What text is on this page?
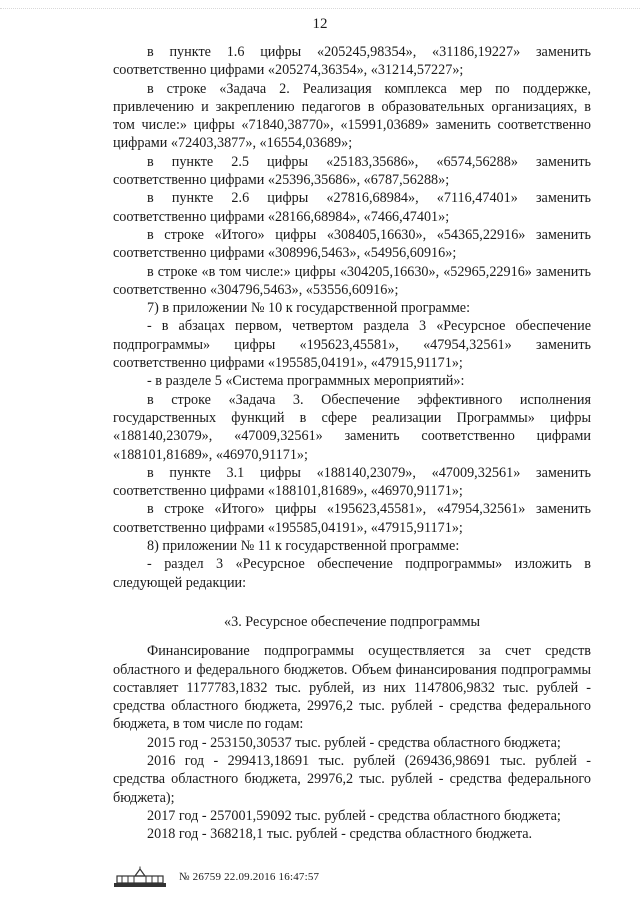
12

в пункте 1.6 цифры «205245,98354», «31186,19227» заменить соответственно цифрами «205274,36354», «31214,57227»;

в строке «Задача 2. Реализация комплекса мер по поддержке, привлечению и закреплению педагогов в образовательных организациях, в том числе:» цифры «71840,38770», «15991,03689» заменить соответственно цифрами «72403,3877», «16554,03689»;

в пункте 2.5 цифры «25183,35686», «6574,56288» заменить соответственно цифрами «25396,35686», «6787,56288»;

в пункте 2.6 цифры «27816,68984», «7116,47401» заменить соответственно цифрами «28166,68984», «7466,47401»;

в строке «Итого» цифры «308405,16630», «54365,22916» заменить соответственно цифрами «308996,5463», «54956,60916»;

в строке «в том числе:» цифры «304205,16630», «52965,22916» заменить соответственно «304796,5463», «53556,60916»;

7) в приложении № 10 к государственной программе:

- в абзацах первом, четвертом раздела 3 «Ресурсное обеспечение подпрограммы» цифры «195623,45581», «47954,32561» заменить соответственно цифрами «195585,04191», «47915,91171»;

- в разделе 5 «Система программных мероприятий»:

в строке «Задача 3. Обеспечение эффективного исполнения государственных функций в сфере реализации Программы» цифры «188140,23079», «47009,32561» заменить соответственно цифрами «188101,81689», «46970,91171»;

в пункте 3.1 цифры «188140,23079», «47009,32561» заменить соответственно цифрами «188101,81689», «46970,91171»;

в строке «Итого» цифры «195623,45581», «47954,32561» заменить соответственно цифрами «195585,04191», «47915,91171»;

8) приложении № 11 к государственной программе:

- раздел 3 «Ресурсное обеспечение подпрограммы» изложить в следующей редакции:

«3. Ресурсное обеспечение подпрограммы

Финансирование подпрограммы осуществляется за счет средств областного и федерального бюджетов. Объем финансирования подпрограммы составляет 1177783,1832 тыс. рублей, из них 1147806,9832 тыс. рублей - средства областного бюджета, 29976,2 тыс. рублей - средства федерального бюджета, в том числе по годам:

2015 год - 253150,30537 тыс. рублей - средства областного бюджета;

2016 год - 299413,18691 тыс. рублей (269436,98691 тыс. рублей - средства областного бюджета, 29976,2 тыс. рублей - средства федерального бюджета);

2017 год - 257001,59092 тыс. рублей - средства областного бюджета;

2018 год - 368218,1 тыс. рублей - средства областного бюджета.

№ 26759 22.09.2016 16:47:57
